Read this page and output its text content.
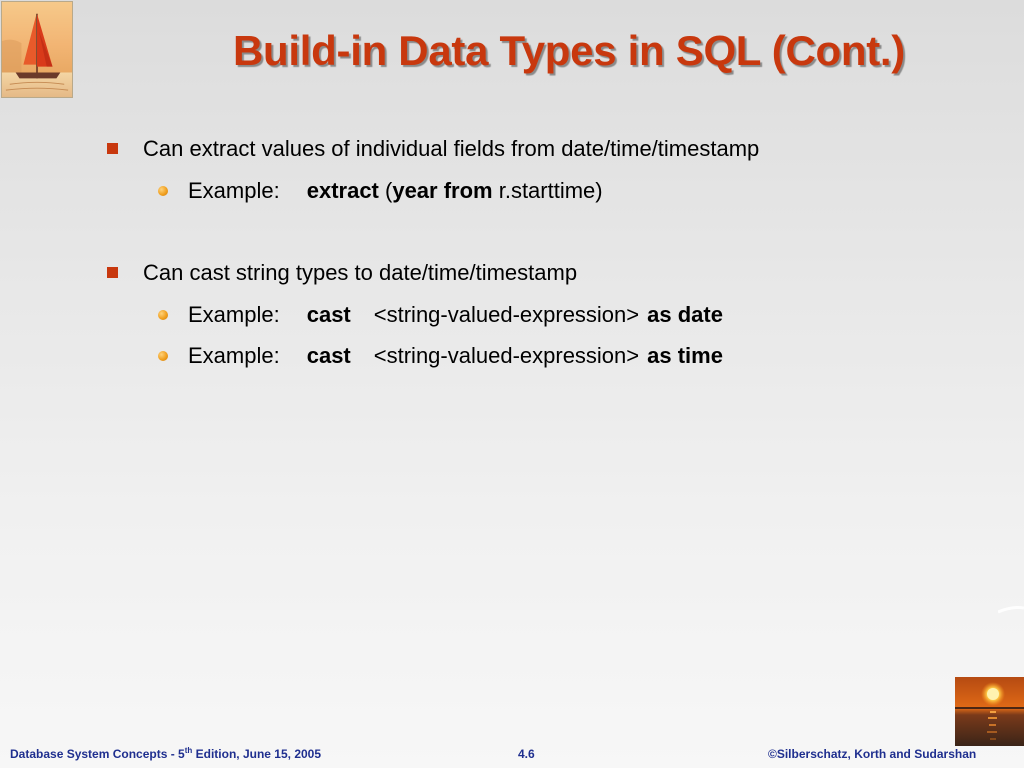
Build-in Data Types in SQL (Cont.)
Can extract values of individual fields from date/time/timestamp
Example: extract (year from r.starttime)
Can cast string types to date/time/timestamp
Example: cast <string-valued-expression> as date
Example: cast <string-valued-expression> as time
Database System Concepts - 5th Edition, June 15, 2005	4.6	©Silberschatz, Korth and Sudarshan
